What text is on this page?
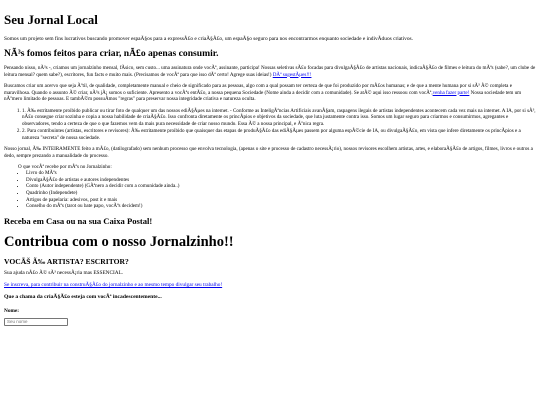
Seu Jornal Local

Somos um projeto sem fins lucrativos buscando promover espaÃ§os para a expressÃ£o e criaÃ§Ã£o, um espaÃ§o seguro para nos encontrarmos enquanto sociedade e indivÃduos criativos.

NÃ³s fomos feitos para criar, nÃ£o apenas consumir.

Pensando nisso, nÃ³s -, criamos um jornalzinho mensal, fÃsico, sem custo... uma assinatura onde vocÃª, assinante, participa! Nossas seletivas sÃ£o focadas para divulgaÃ§Ã£o de artistas nacionais, indicaÃ§Ã£o de filmes e leitura do mÃªs (sabe?, um clube de leitura mensal? quem sabe?), escritores, fun facts e muito mais. (Precisamos de vocÃª para que isso dÃª certo! Agrege suas ideias!) DÃª sugestÃµes!!!

Buscamos criar um acervo que seja Ãºtil, de qualidade, completamente manual e cheio de significado para as pessoas, algo com a qual possam ter certeza de que foi produzido por mÃ£os humanas; e de que a mente humana por si sÃ³ Ã© completa e maravilhosa. Quando o assunto Ã© criar, nÃ³s jÃ¡ somos o suficiente. Apresento a vocÃªs entÃ£o, a nossa pequena Sociedade (Nome ainda a decidir com a comunidade). Se atÃ© aqui isso ressoou com vocÃª,venha fazer parte! Nossa sociedade tem um nÃºmero limitado de pessoas. E tambÃ©m possuÃmos "regras" para preservar nossa integridade criativa e natureza oculta.

1. 1. Ã‰ estritamente proibido publicar ou tirar foto de qualquer um das nossos ediÃ§Ãµes na internet. - Conforme as InteligÃªncias Artificiais avanÃ§am, raspagens ilegais de artistas independentes acontecem cada vez mais na internet. A IA, por si sÃ³, nÃ£o consegue criar sozinha e copia a nossa habilidade de criaÃ§Ã£o. Isso confronta diretamente os princÃpios e objetivos da sociedade, que luta justamente contra isso. Somos um lugar seguro para criarmos e consumirmos, agregantes e observadores, tendo a certeza de que o que fazemos vem da mais pura necessidade de criar nosso mundo. Essa Ã© a nossa principal, e Ãºnica regra.
2. 2. Para contribuintes (artistas, escritores e revisores): Ã‰ estritamente proibido que quaisquer das etapas de produÃ§Ã£o das ediÃ§Ãµes passem por alguma espÃ©cie de IA, ou divulgaÃ§Ã£o, em vista que infere diretamente os princÃpios e a natureza "secreta" de nossa sociedade.

Nosso jornal, Ã‰ INTEIRAMENTE feito a mÃ£o, (datilografado) sem nenhum processo que envolva tecnologia, (apenas o site e processo de cadastro necessÃ¡rio), nossos revisores escolhem artistas, artes, e elaboraÃ§Ã£o de artigos, filmes, livros e outros a dedo, sempre prezando a manualidade do processo.

O que vocÃª recebe por mÃªs no Jornalzinho:

• Livro do MÃªs
• DivulgaÃ§Ã£o de artistas e autores independentes
• Conto (Autor independente) (GÃªnero a decidir com a comunidade ainda..)
• Quadrinho (Independete)
• Artigos de papelaria: adesivos, post it e mais
• Conselho do mÃªs (tarot ou bate papo, vocÃªs decidem!)
Receba em Casa ou na sua Caixa Postal!
Contribua com o nosso Jornalzinho!!
VOCÃŠ Ã‰ ARTISTA? ESCRITOR?

Sua ajuda nÃ£o Ã© sÃ³ necessÃ¡ria mas ESSENCIAL.

Se inscreva, para contribuir na construÃ§Ã£o do jornalzinho e ao mesmo tempo divulgar seu trabalho!

Que a chama da criaÃ§Ã£o esteja com vocÃª incadescentemente...
Nome:
Seu nome
